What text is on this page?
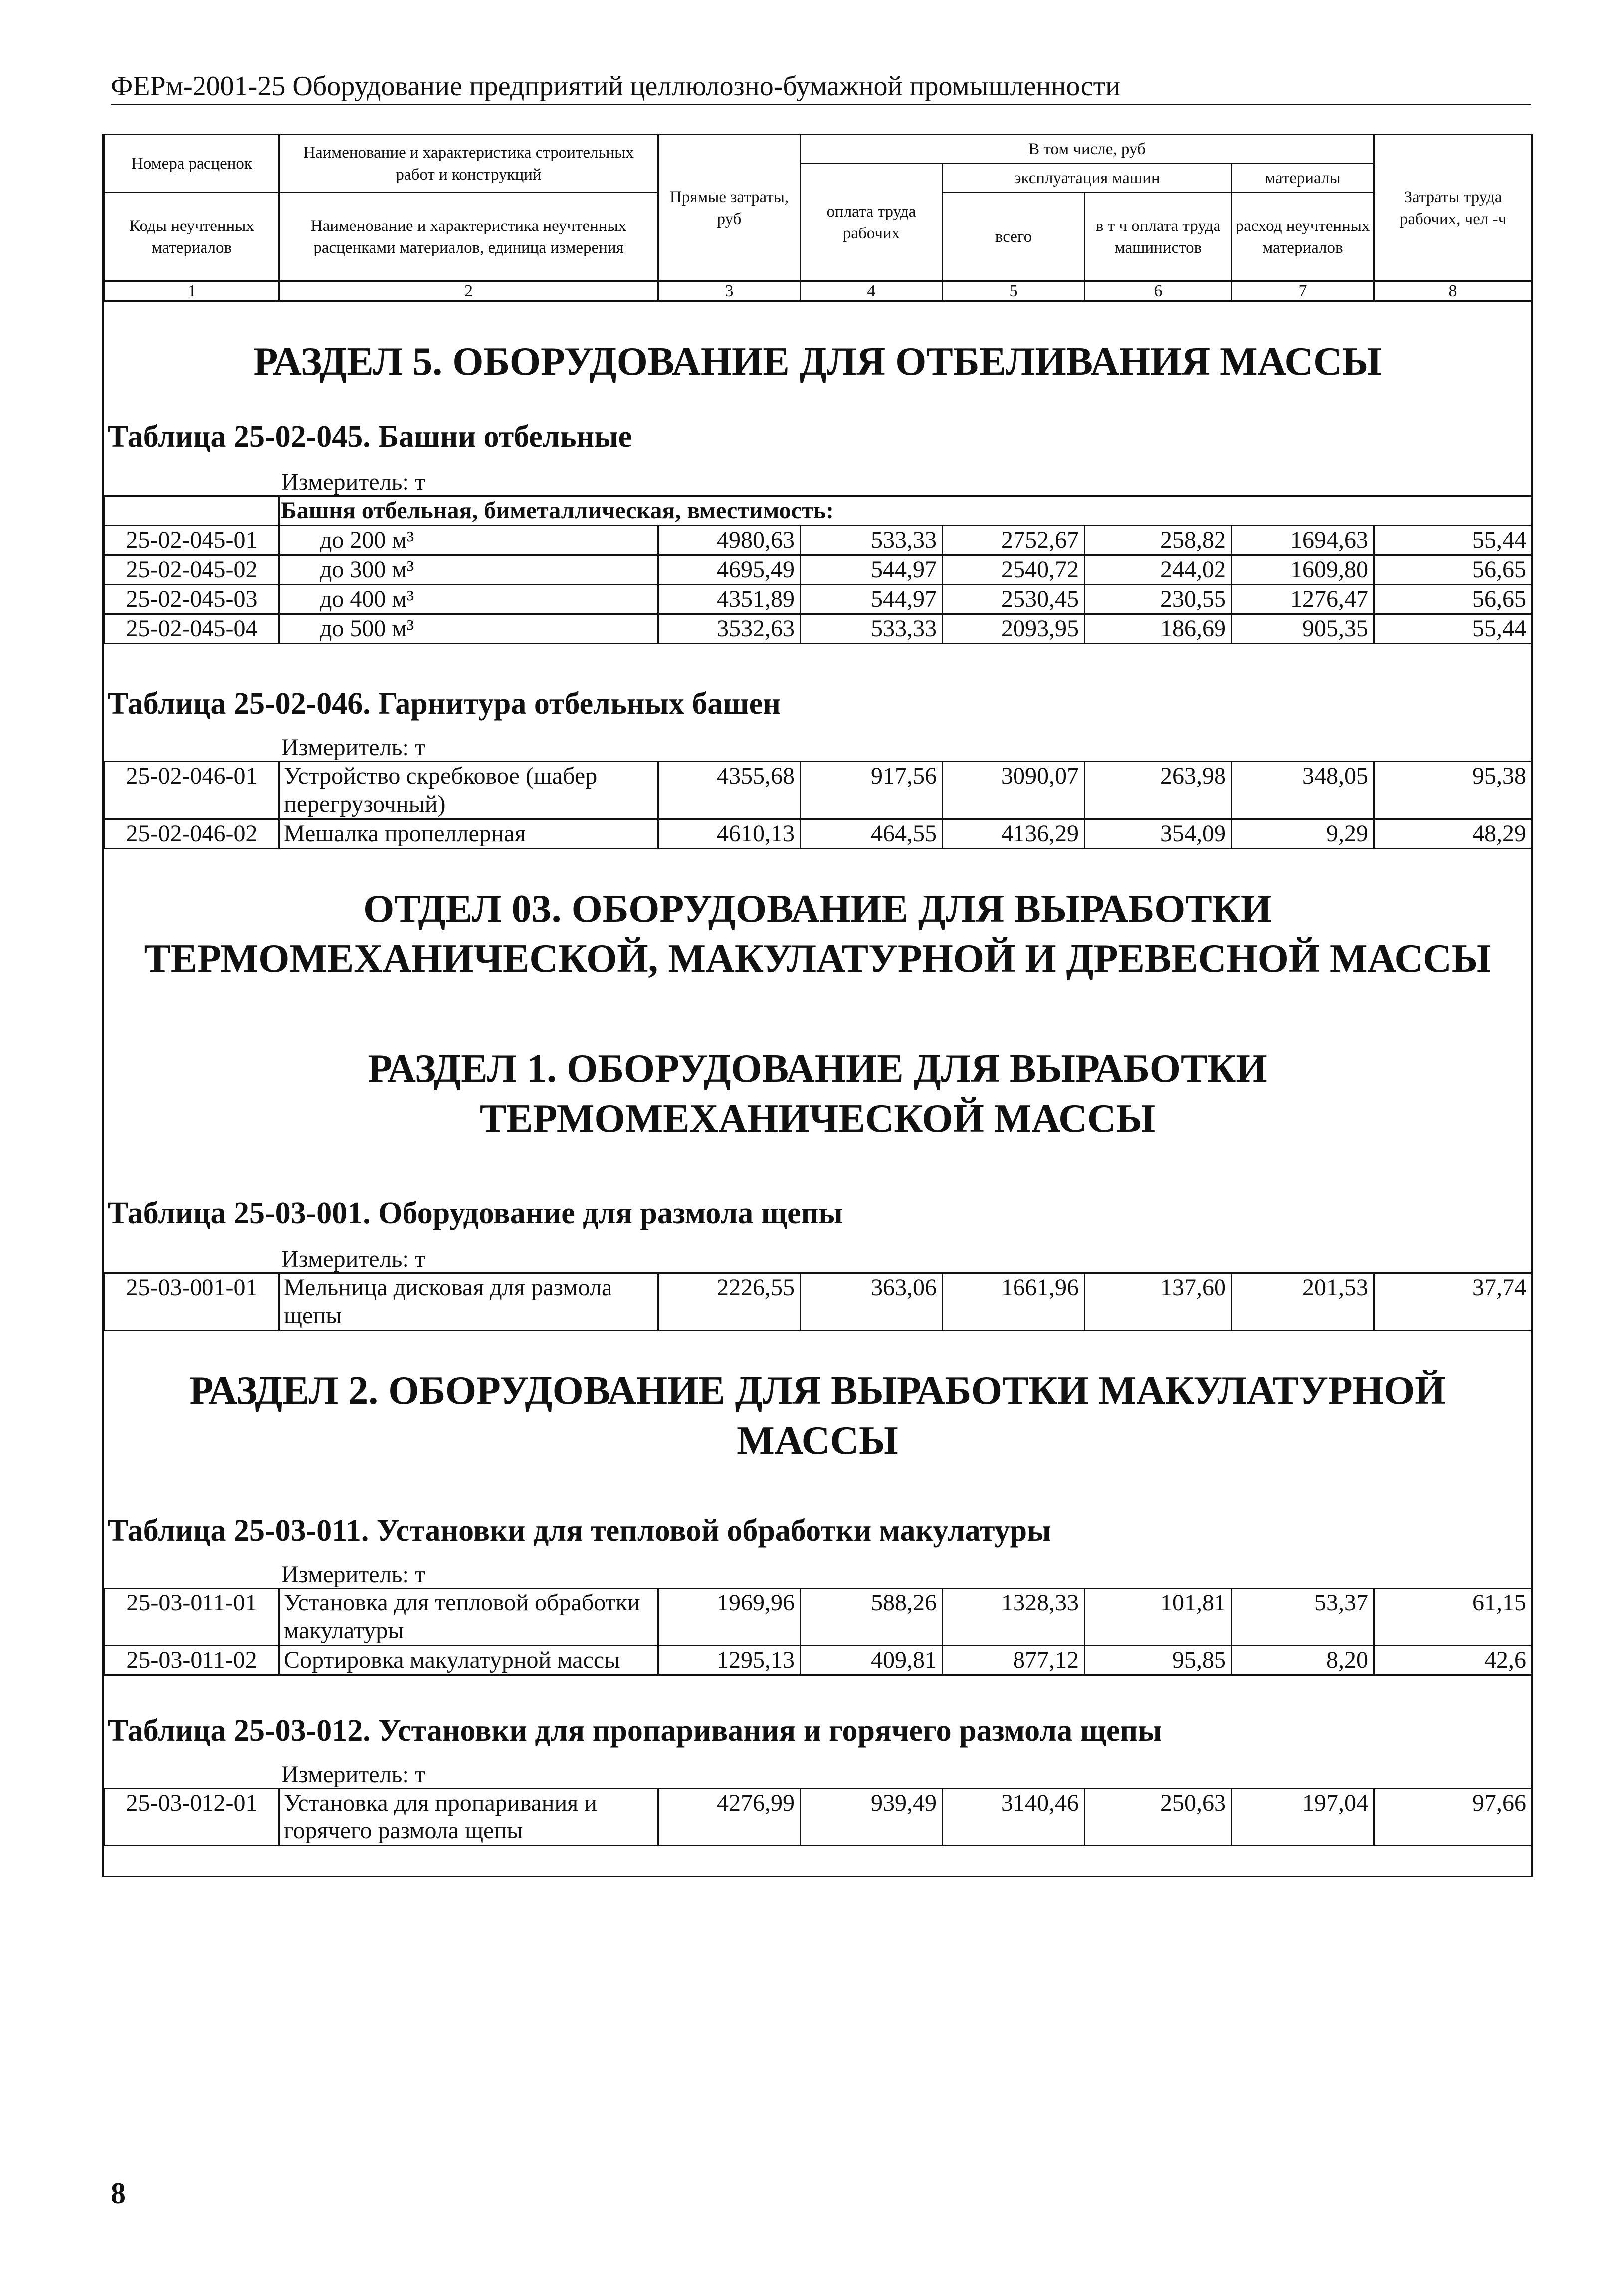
ФЕРм-2001-25 Оборудование предприятий целлюлозно-бумажной промышленности
Номера расценок	Наименование и характеристика строительных работ и конструкций	Прямые затраты, руб	В том числе, руб				Затраты труда рабочих, чел -ч
			оплата труда рабочих	эксплуатация машин		материалы	
Коды неучтенных материалов	Наименование и характеристика неучтенных расценками материалов, единица измерения			всего	в т ч оплата труда машинистов	расход неучтенных материалов	

1	2	3	4	5	6	7	8
РАЗДЕЛ 5. ОБОРУДОВАНИЕ ДЛЯ ОТБЕЛИВАНИЯ МАССЫ
Таблица 25-02-045. Башни отбельные
Измеритель: т
	Башня отбельная, биметаллическая, вместимость:						
25-02-045-01	до 200 м³	4980,63	533,33	2752,67	258,82	1694,63	55,44
25-02-045-02	до 300 м³	4695,49	544,97	2540,72	244,02	1609,80	56,65
25-02-045-03	до 400 м³	4351,89	544,97	2530,45	230,55	1276,47	56,65
25-02-045-04	до 500 м³	3532,63	533,33	2093,95	186,69	905,35	55,44
Таблица 25-02-046. Гарнитура отбельных башен
Измеритель: т
25-02-046-01	Устройство скребковое (шабер перегрузочный)	4355,68	917,56	3090,07	263,98	348,05	95,38
25-02-046-02	Мешалка пропеллерная	4610,13	464,55	4136,29	354,09	9,29	48,29
ОТДЕЛ 03. ОБОРУДОВАНИЕ ДЛЯ ВЫРАБОТКИ ТЕРМОМЕХАНИЧЕСКОЙ, МАКУЛАТУРНОЙ И ДРЕВЕСНОЙ МАССЫ
РАЗДЕЛ 1. ОБОРУДОВАНИЕ ДЛЯ ВЫРАБОТКИ ТЕРМОМЕХАНИЧЕСКОЙ МАССЫ
Таблица 25-03-001. Оборудование для размола щепы
Измеритель: т
25-03-001-01	Мельница дисковая для размола щепы	2226,55	363,06	1661,96	137,60	201,53	37,74
РАЗДЕЛ 2. ОБОРУДОВАНИЕ ДЛЯ ВЫРАБОТКИ МАКУЛАТУРНОЙ МАССЫ
Таблица 25-03-011. Установки для тепловой обработки макулатуры
Измеритель: т
25-03-011-01	Установка для тепловой обработки макулатуры	1969,96	588,26	1328,33	101,81	53,37	61,15
25-03-011-02	Сортировка макулатурной массы	1295,13	409,81	877,12	95,85	8,20	42,6
Таблица 25-03-012. Установки для пропаривания и горячего размола щепы
Измеритель: т
25-03-012-01	Установка для пропаривания и горячего размола щепы	4276,99	939,49	3140,46	250,63	197,04	97,66
8
